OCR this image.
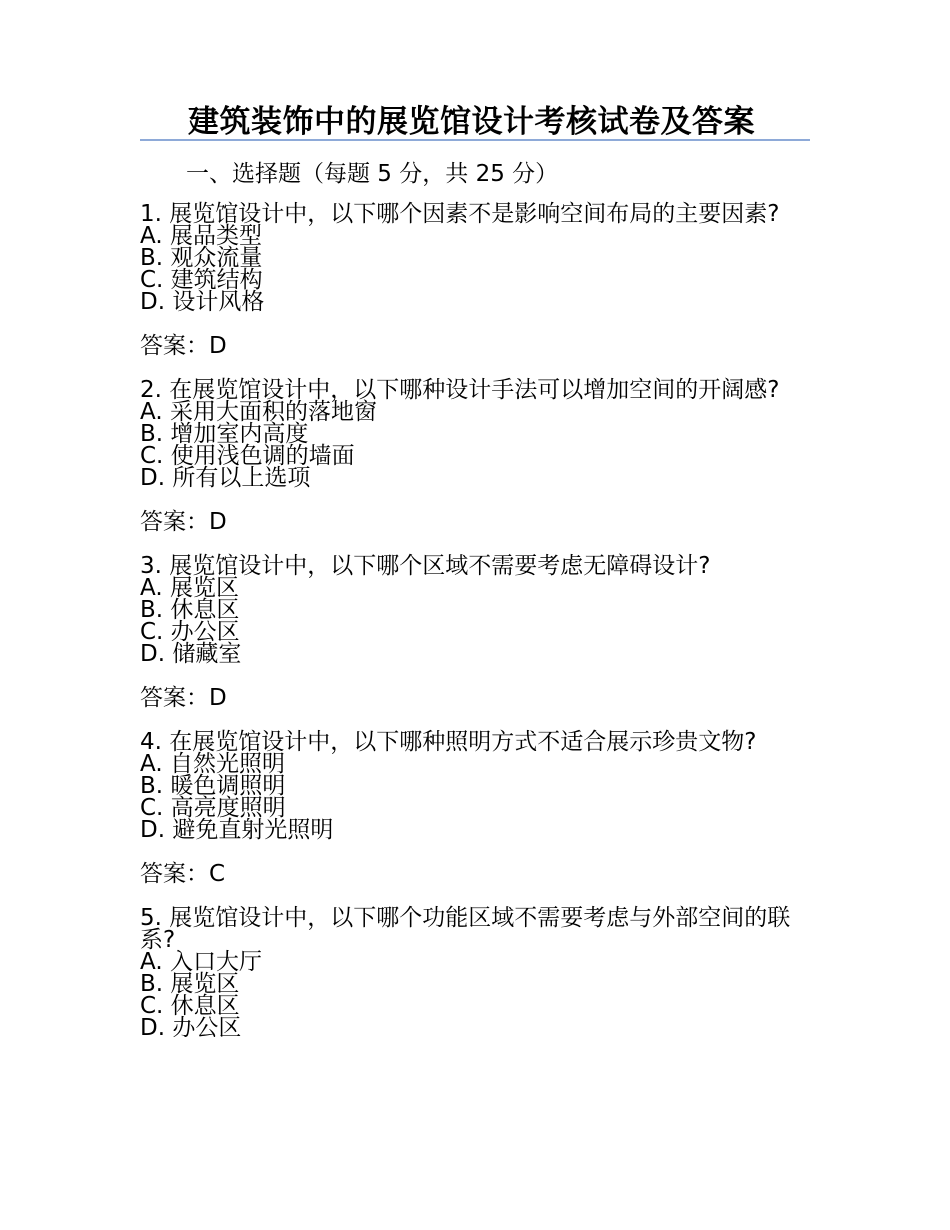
建筑装饰中的展览馆设计考核试卷及答案
一、选择题（每题 5 分，共 25 分）
1. 展览馆设计中，以下哪个因素不是影响空间布局的主要因素?
A. 展品类型
B. 观众流量
C. 建筑结构
D. 设计风格
答案：D
2. 在展览馆设计中，以下哪种设计手法可以增加空间的开阔感?
A. 采用大面积的落地窗
B. 增加室内高度
C. 使用浅色调的墙面
D. 所有以上选项
答案：D
3. 展览馆设计中，以下哪个区域不需要考虑无障碍设计?
A. 展览区
B. 休息区
C. 办公区
D. 储藏室
答案：D
4. 在展览馆设计中，以下哪种照明方式不适合展示珍贵文物?
A. 自然光照明
B. 暖色调照明
C. 高亮度照明
D. 避免直射光照明
答案：C
5. 展览馆设计中，以下哪个功能区域不需要考虑与外部空间的联系?
A. 入口大厅
B. 展览区
C. 休息区
D. 办公区
